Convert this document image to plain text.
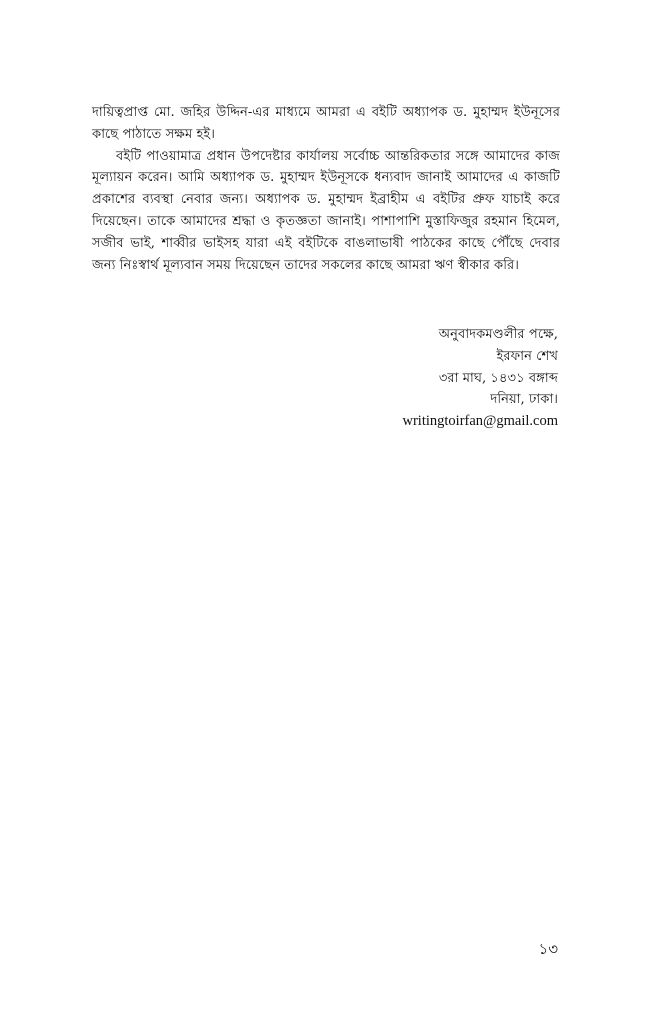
দায়িত্বপ্রাপ্ত মো. জহির উদ্দিন-এর মাধ্যমে আমরা এ বইটি অধ্যাপক ড. মুহাম্মদ ইউনূসের কাছে পাঠাতে সক্ষম হই।

বইটি পাওয়ামাত্র প্রধান উপদেষ্টার কার্যালয় সর্বোচ্চ আন্তরিকতার সঙ্গে আমাদের কাজ মূল্যায়ন করেন। আমি অধ্যাপক ড. মুহাম্মদ ইউনূসকে ধন্যবাদ জানাই আমাদের এ কাজটি প্রকাশের ব্যবস্থা নেবার জন্য। অধ্যাপক ড. মুহাম্মদ ইব্রাহীম এ বইটির প্রুফ যাচাই করে দিয়েছেন। তাকে আমাদের শ্রদ্ধা ও কৃতজ্ঞতা জানাই। পাশাপাশি মুস্তাফিজুর রহমান হিমেল, সজীব ভাই, শাব্বীর ভাইসহ যারা এই বইটিকে বাঙলাভাষী পাঠকের কাছে পৌঁছে দেবার জন্য নিঃস্বার্থ মূল্যবান সময় দিয়েছেন তাদের সকলের কাছে আমরা ঋণ স্বীকার করি।

অনুবাদকমণ্ডলীর পক্ষে,
ইরফান শেখ
৩রা মাঘ, ১৪৩১ বঙ্গাব্দ
দনিয়া, ঢাকা।
writingtoirfan@gmail.com
১৩
